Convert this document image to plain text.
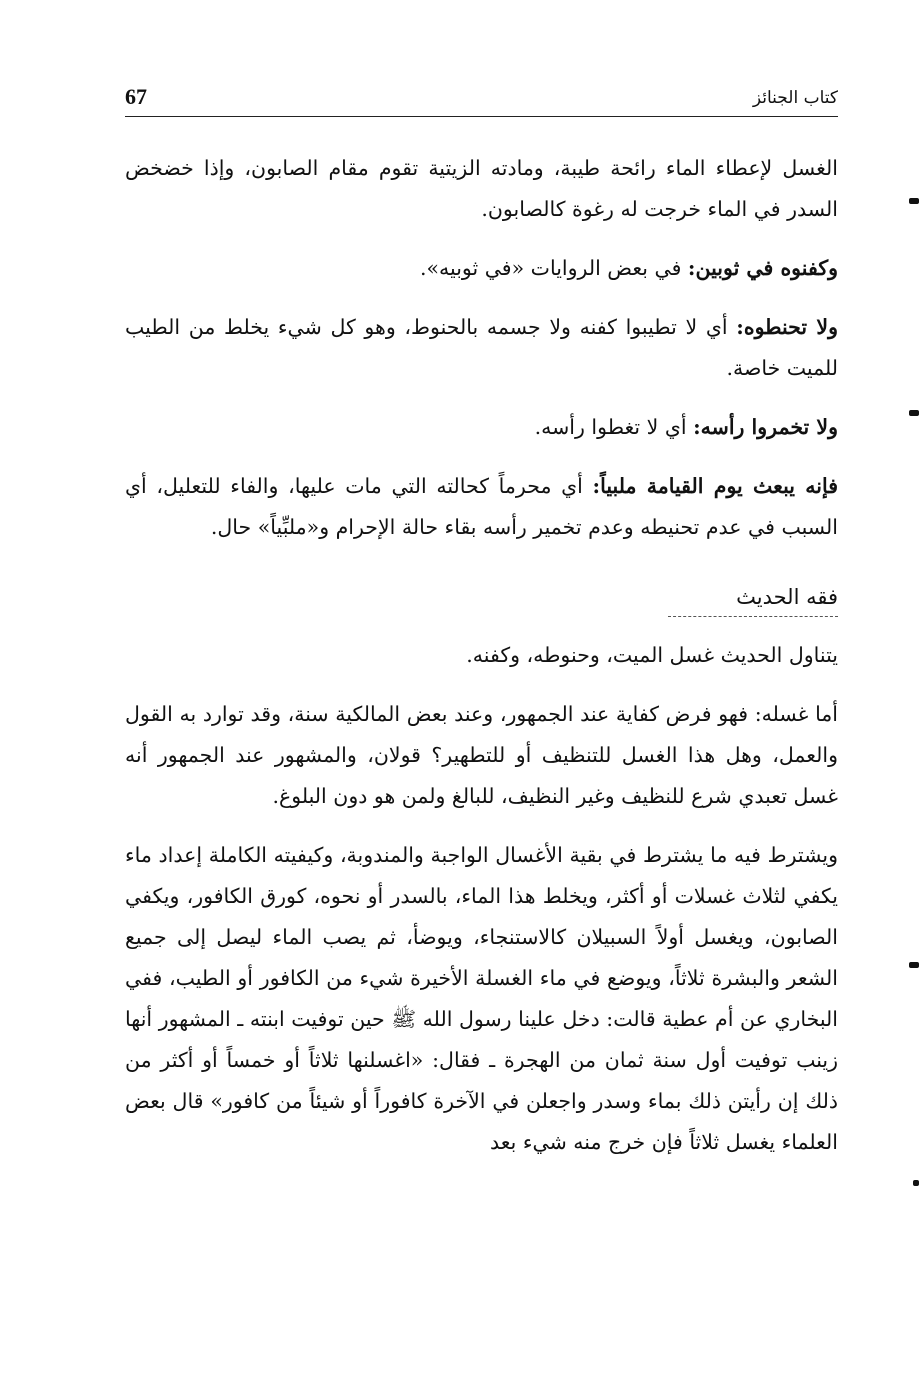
67	كتاب الجنائز

الغسل لإعطاء الماء رائحة طيبة، ومادته الزيتية تقوم مقام الصابون، وإذا خضخض السدر في الماء خرجت له رغوة كالصابون.

وكفنوه في ثوبين: في بعض الروايات «في ثوبيه».

ولا تحنطوه: أي لا تطيبوا كفنه ولا جسمه بالحنوط، وهو كل شيء يخلط من الطيب للميت خاصة.

ولا تخمروا رأسه: أي لا تغطوا رأسه.

فإنه يبعث يوم القيامة ملبياً: أي محرماً كحالته التي مات عليها، والفاء للتعليل، أي السبب في عدم تحنيطه وعدم تخمير رأسه بقاء حالة الإحرام و«ملبِّياً» حال.

فقه الحديث

يتناول الحديث غسل الميت، وحنوطه، وكفنه.

أما غسله: فهو فرض كفاية عند الجمهور، وعند بعض المالكية سنة، وقد توارد به القول والعمل، وهل هذا الغسل للتنظيف أو للتطهير؟ قولان، والمشهور عند الجمهور أنه غسل تعبدي شرع للنظيف وغير النظيف، للبالغ ولمن هو دون البلوغ.

ويشترط فيه ما يشترط في بقية الأغسال الواجبة والمندوبة، وكيفيته الكاملة إعداد ماء يكفي لثلاث غسلات أو أكثر، ويخلط هذا الماء، بالسدر أو نحوه، كورق الكافور، ويكفي الصابون، ويغسل أولاً السبيلان كالاستنجاء، ويوضأ، ثم يصب الماء ليصل إلى جميع الشعر والبشرة ثلاثاً، ويوضع في ماء الغسلة الأخيرة شيء من الكافور أو الطيب، ففي البخاري عن أم عطية قالت: دخل علينا رسول الله ﷺ حين توفيت ابنته ـ المشهور أنها زينب توفيت أول سنة ثمان من الهجرة ـ فقال: «اغسلنها ثلاثاً أو خمساً أو أكثر من ذلك إن رأيتن ذلك بماء وسدر واجعلن في الآخرة كافوراً أو شيئاً من كافور» قال بعض العلماء يغسل ثلاثاً فإن خرج منه شيء بعد
